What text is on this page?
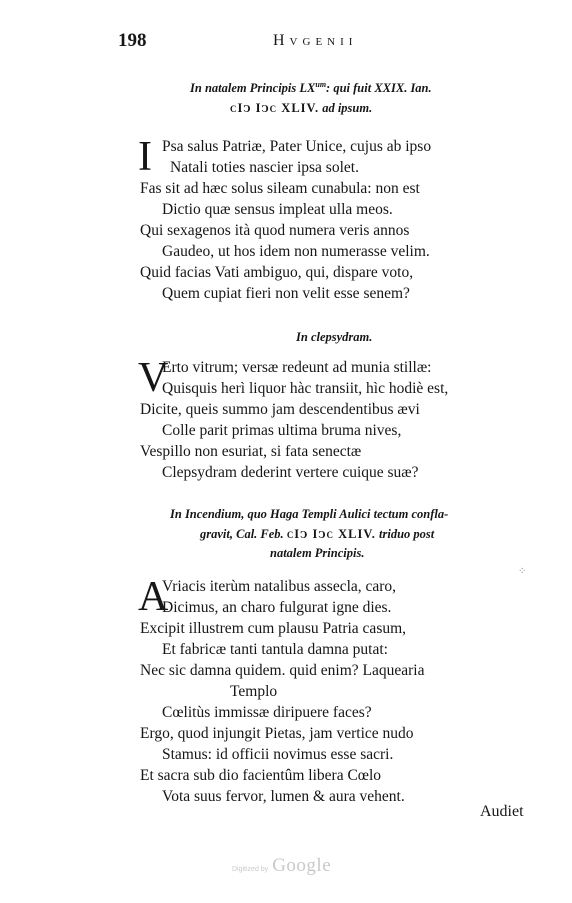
198	Hvgenii
In natalem Principis $LX^{um}$: qui fuit XXIX. Ian.
cIↄ Iↄc XLIV. ad ipsum.
I Psa salus Patriæ, Pater Unice, cujus ab ipso
Natali toties nascier ipsa solet.
Fas sit ad hæc solus sileam cunabula: non est
Dictio quæ sensus impleat ulla meos.
Qui sexagenos ità quod numera veris annos
Gaudeo, ut hos idem non numerasse velim.
Quid facias Vati ambiguo, qui, dispare voto,
Quem cupiat fieri non velit esse senem?
In clepsydram.
V
Erto vitrum; versæ redeunt ad munia stillæ:
Quisquis herì liquor hàc transiit, hìc hodiè est,
Dicite, queis summo jam descendentibus ævi
Colle parit primas ultima bruma nives,
Vespillo non esuriat, si fata senectæ
Clepsydram dederint vertere cuique suæ?
In Incendium, quo Haga Templi Aulici tectum confla-
gravit, Cal. Feb. cIↄ Iↄc XLIV. triduo post
natalem Principis.
A
Vriacis iterùm natalibus assecla, caro,
Dicimus, an charo fulgurat igne dies.
Excipit illustrem cum plausu Patria casum,
Et fabricæ tanti tantula damna putat:
Nec sic damna quidem. quid enim? Laquearia
Templo
Cœlitùs immissæ diripuere faces?
Ergo, quod injungit Pietas, jam vertice nudo
Stamus: id officii novimus esse sacri.
Et sacra sub dio facientûm libera Cœlo
Vota suus fervor, lumen & aura vehent.
⁘
Audiet
Digitized by Google
